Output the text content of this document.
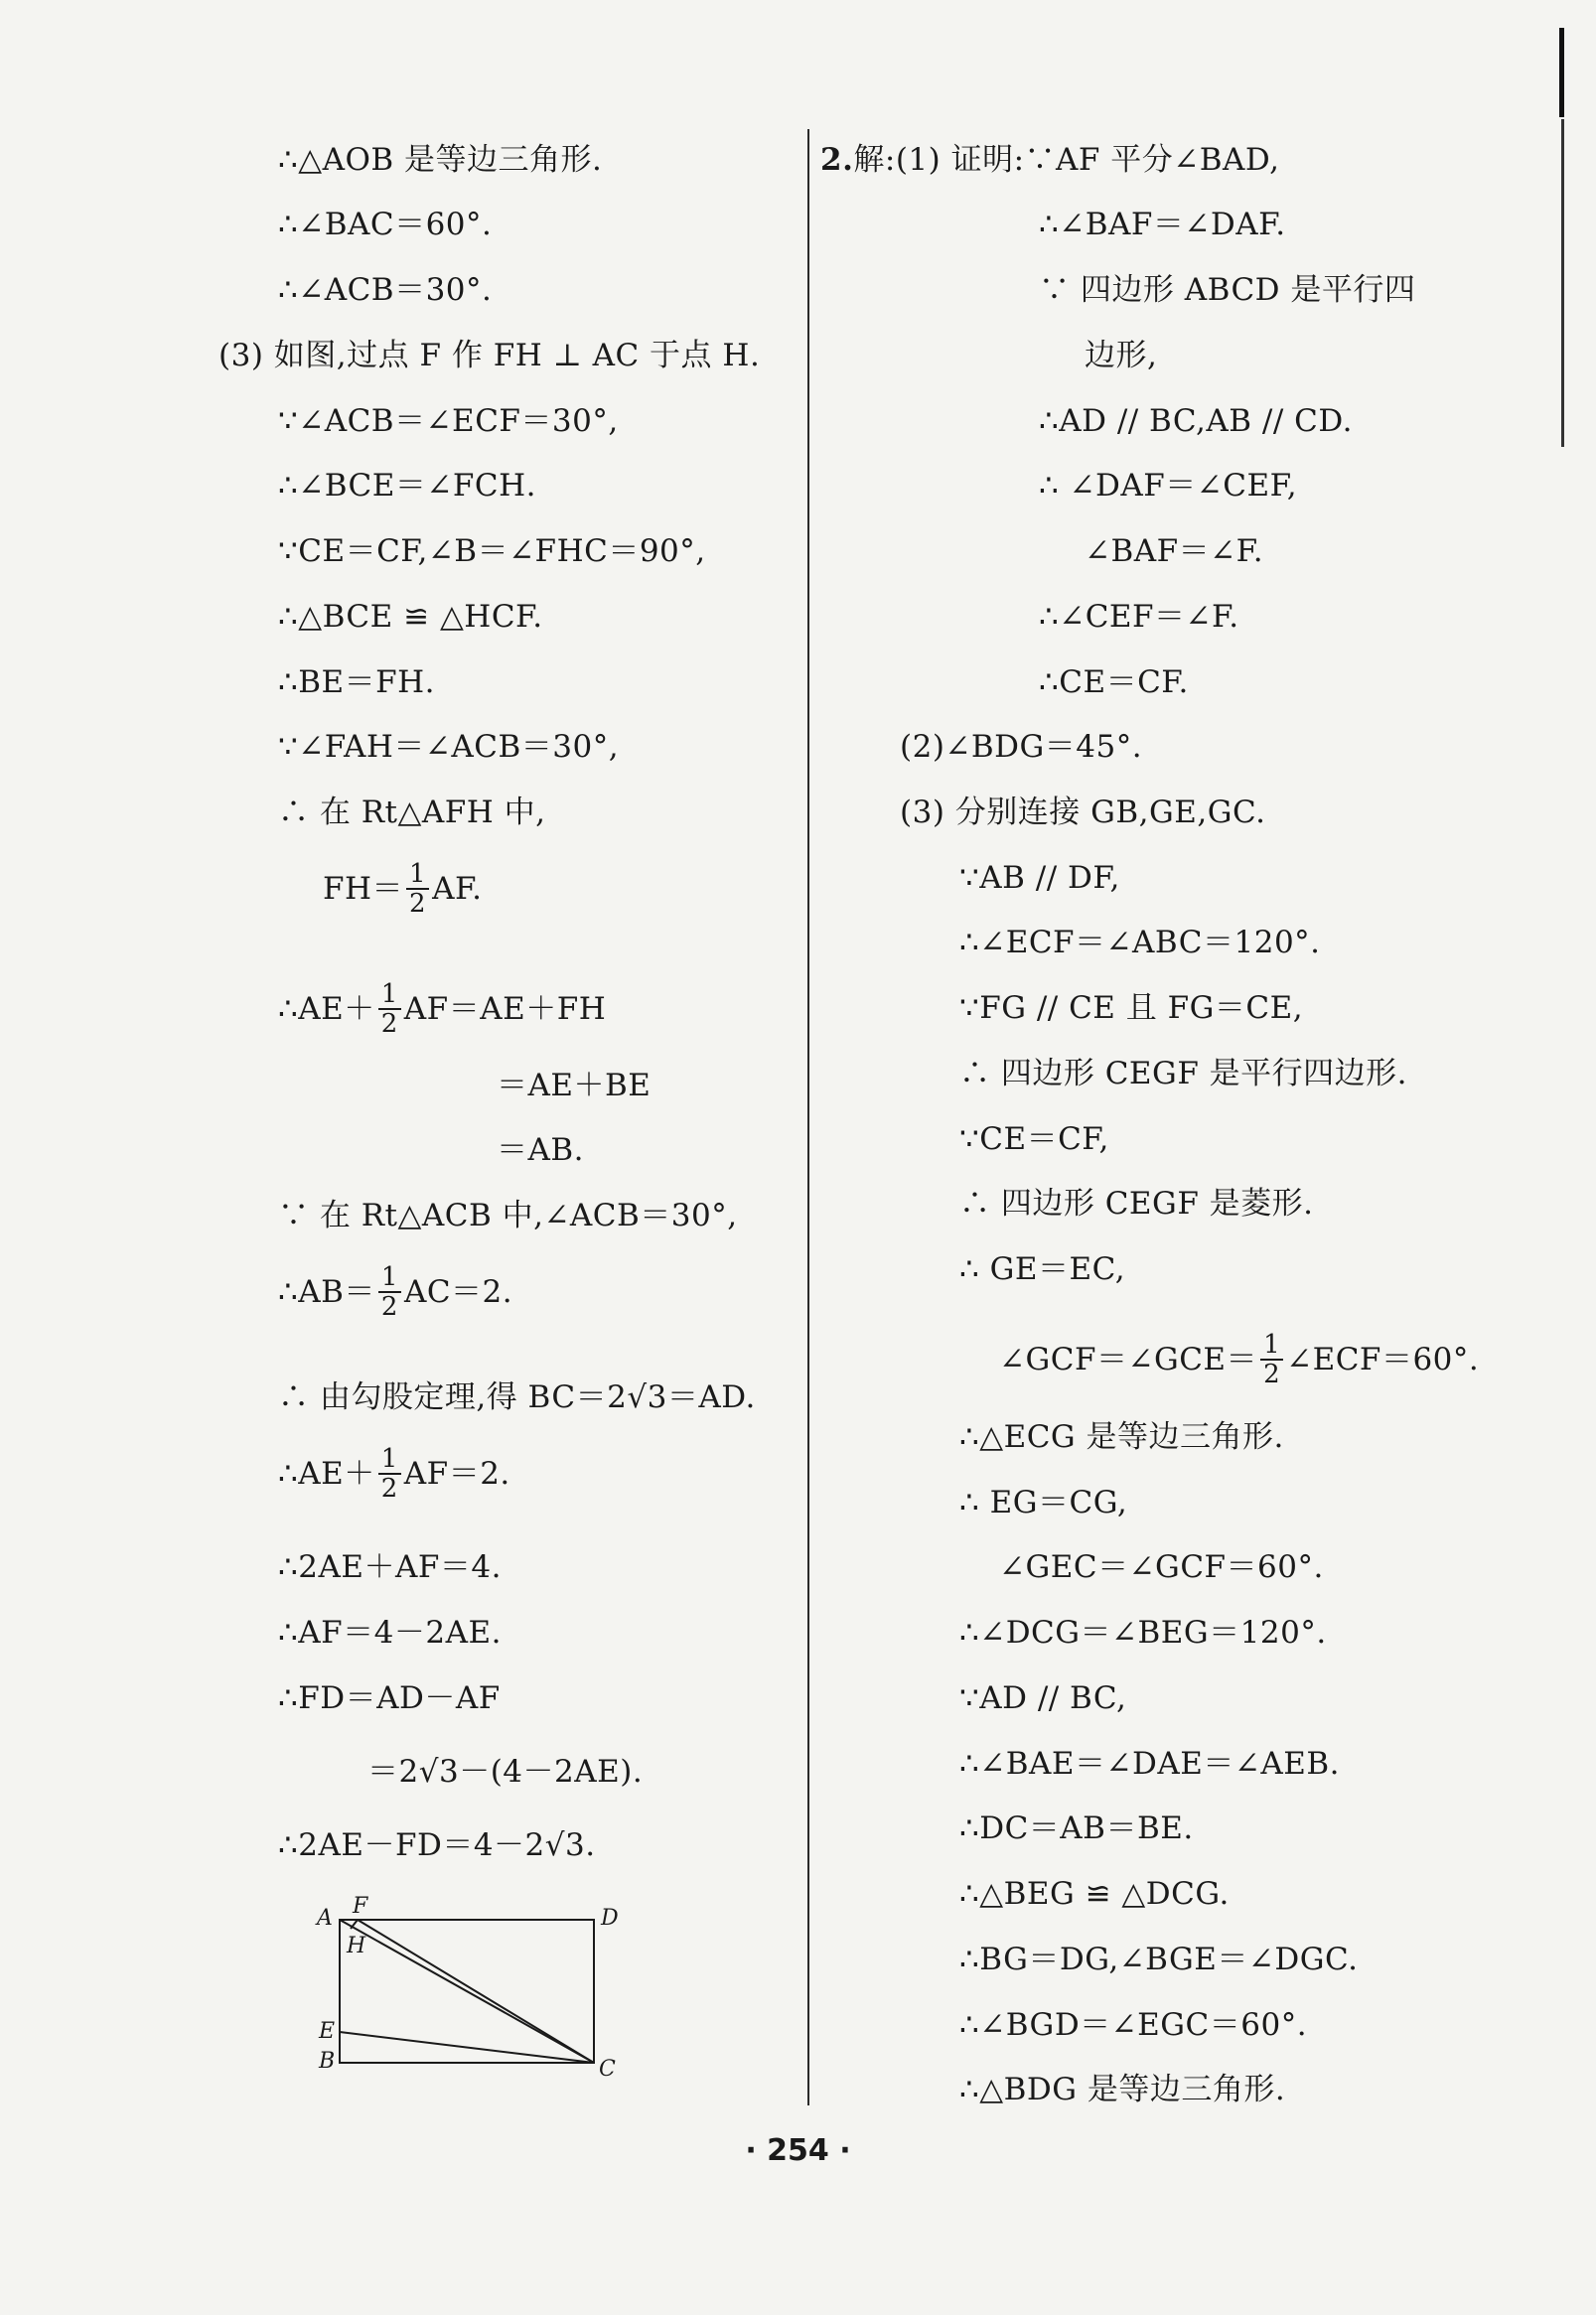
∴△AOB 是等边三角形.
∴∠BAC＝60°.
∴∠ACB＝30°.
(3) 如图,过点 F 作 FH ⊥ AC 于点 H.
∵∠ACB＝∠ECF＝30°,
∴∠BCE＝∠FCH.
∵CE＝CF,∠B＝∠FHC＝90°,
∴△BCE ≌ △HCF.
∴BE＝FH.
∵∠FAH＝∠ACB＝30°,
∴ 在 Rt△AFH 中,
$FH= \frac{1}{2}$ AF.
∴AE＋ $\frac{1}{2} AF=AE+FH$
＝AE＋BE
＝AB.
∵ 在 Rt△ACB 中,∠ACB＝30°,
∴AB＝ $\frac{1}{2} AC=2$.
∴ 由勾股定理,得 BC＝2√3＝AD.
∴AE＋ $\frac{1}{2} AF=2$.
∴2AE＋AF＝4.
∴AF＝4－2AE.
∴FD＝AD－AF
＝2√3－(4－2AE).
∴2AE－FD＝4－2√3.
A F	D
H
E
B	C
2.解:(1) 证明:∵AF 平分∠BAD,
∴∠BAF＝∠DAF.
∵ 四边形 ABCD 是平行四
边形,
∴AD // BC,AB // CD.
∴ ∠DAF＝∠CEF,
∠BAF＝∠F.
∴∠CEF＝∠F.
∴CE＝CF.
(2)∠BDG＝45°.
(3) 分别连接 GB,GE,GC.
∵AB // DF,
∴∠ECF＝∠ABC＝120°.
∵FG // CE 且 FG＝CE,
∴ 四边形 CEGF 是平行四边形.
∵CE＝CF,
∴ 四边形 CEGF 是菱形.
∴ GE＝EC,
∠GCF＝∠GCE＝ $\frac{1}{2}$ ∠ECF＝60°.
∴△ECG 是等边三角形.
∴ EG＝CG,
∠GEC＝∠GCF＝60°.
∴∠DCG＝∠BEG＝120°.
∵AD // BC,
∴∠BAE＝∠DAE＝∠AEB.
∴DC＝AB＝BE.
∴△BEG ≌ △DCG.
∴BG＝DG,∠BGE＝∠DGC.
∴∠BGD＝∠EGC＝60°.
∴△BDG 是等边三角形.
· 254 ·
